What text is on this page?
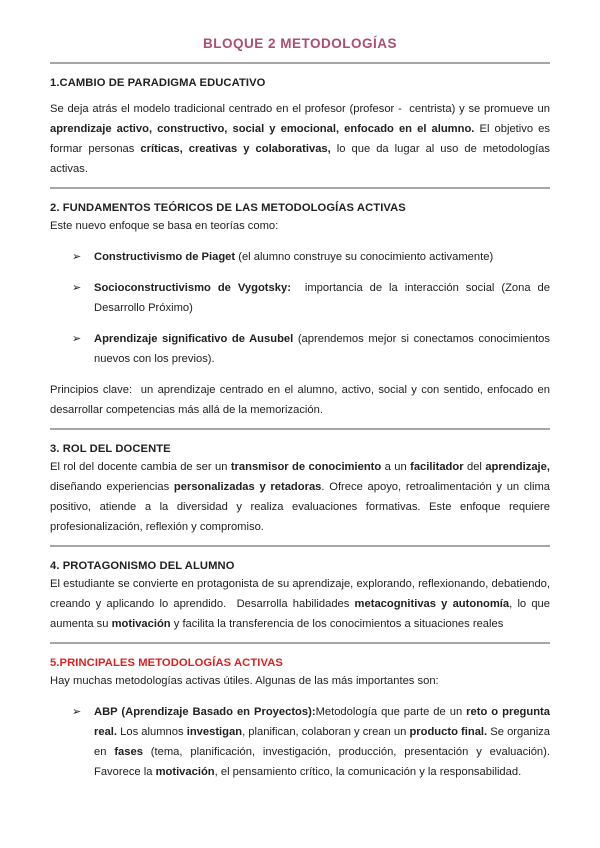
BLOQUE 2 METODOLOGÍAS
1.CAMBIO DE PARADIGMA EDUCATIVO

Se deja atrás el modelo tradicional centrado en el profesor (profesor -  centrista) y se promueve un aprendizaje activo, constructivo, social y emocional, enfocado en el alumno. El objetivo es formar personas críticas, creativas y colaborativas, lo que da lugar al uso de metodologías activas.

2. FUNDAMENTOS TEÓRICOS DE LAS METODOLOGÍAS ACTIVAS

Este nuevo enfoque se basa en teorías como:

➢	Constructivismo de Piaget (el alumno construye su conocimiento activamente)

➢	Socioconstructivismo de Vygotsky:  importancia de la interacción social (Zona de Desarrollo Próximo)

➢	Aprendizaje significativo de Ausubel (aprendemos mejor si conectamos conocimientos nuevos con los previos).

Principios clave:  un aprendizaje centrado en el alumno, activo, social y con sentido, enfocado en desarrollar competencias más allá de la memorización.

3. ROL DEL DOCENTE

El rol del docente cambia de ser un transmisor de conocimiento a un facilitador del aprendizaje, diseñando experiencias personalizadas y retadoras. Ofrece apoyo, retroalimentación y un clima positivo, atiende a la diversidad y realiza evaluaciones formativas. Este enfoque requiere profesionalización, reflexión y compromiso.

4. PROTAGONISMO DEL ALUMNO

El estudiante se convierte en protagonista de su aprendizaje, explorando, reflexionando, debatiendo, creando y aplicando lo aprendido.  Desarrolla habilidades metacognitivas y autonomía, lo que aumenta su motivación y facilita la transferencia de los conocimientos a situaciones reales

5.PRINCIPALES METODOLOGÍAS ACTIVAS

Hay muchas metodologías activas útiles. Algunas de las más importantes son:

➢	ABP (Aprendizaje Basado en Proyectos):Metodología que parte de un reto o pregunta real. Los alumnos investigan, planifican, colaboran y crean un producto final. Se organiza en fases (tema, planificación, investigación, producción, presentación y evaluación). Favorece la motivación, el pensamiento crítico, la comunicación y la responsabilidad.
